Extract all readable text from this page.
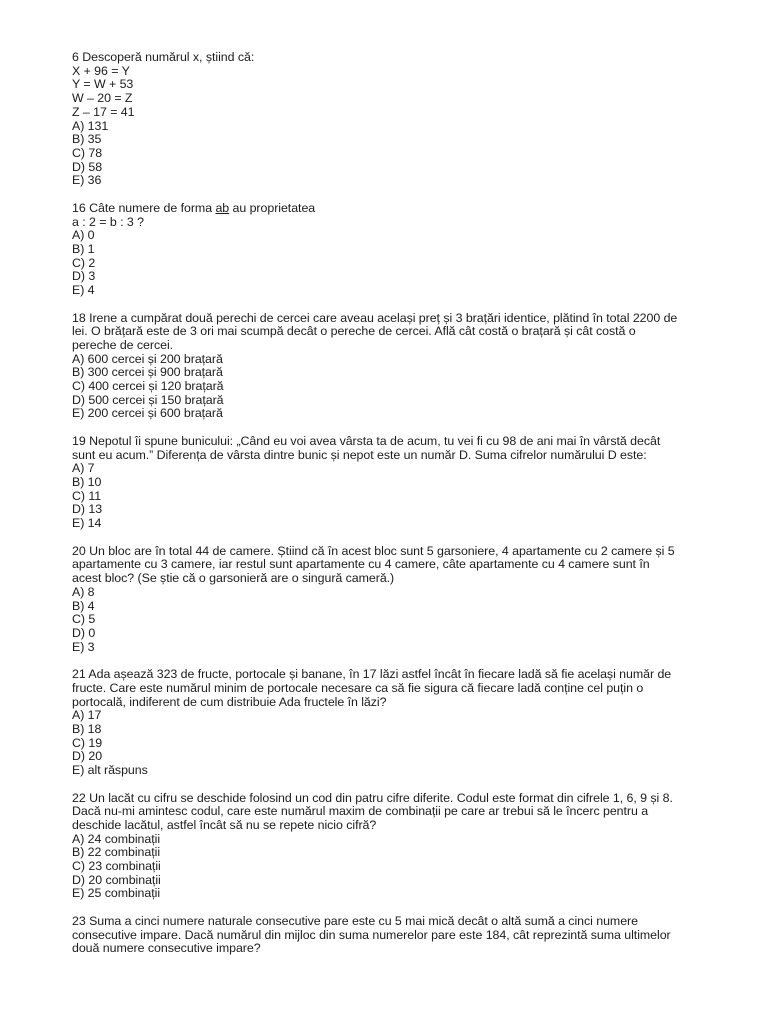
6 Descoperă numărul x, știind că:
X + 96 = Y
Y = W + 53
W – 20 = Z
Z – 17 = 41
A) 131
B) 35
C) 78
D) 58
E) 36
16 Câte numere de forma ab au proprietatea
a : 2 = b : 3 ?
A) 0
B) 1
C) 2
D) 3
E) 4
18 Irene a cumpărat două perechi de cercei care aveau același preț și 3 brațări identice, plătind în total 2200 de
lei. O brățară este de 3 ori mai scumpă decât o pereche de cercei. Află cât costă o brațară și cât costă o
pereche de cercei.
A) 600 cercei și 200 brațară
B) 300 cercei și 900 brațară
C) 400 cercei și 120 brațară
D) 500 cercei și 150 brațară
E) 200 cercei și 600 brațară
19 Nepotul îi spune bunicului: „Când eu voi avea vârsta ta de acum, tu vei fi cu 98 de ani mai în vârstă decât
sunt eu acum.” Diferența de vârsta dintre bunic și nepot este un număr D. Suma cifrelor numărului D este:
A) 7
B) 10
C) 11
D) 13
E) 14
20 Un bloc are în total 44 de camere. Știind că în acest bloc sunt 5 garsoniere, 4 apartamente cu 2 camere și 5
apartamente cu 3 camere, iar restul sunt apartamente cu 4 camere, câte apartamente cu 4 camere sunt în
acest bloc? (Se știe că o garsonieră are o singură cameră.)
A) 8
B) 4
C) 5
D) 0
E) 3
21 Ada așează 323 de fructe, portocale și banane, în 17 lăzi astfel încât în fiecare ladă să fie același număr de
fructe. Care este numărul minim de portocale necesare ca să fie sigura că fiecare ladă conține cel puțin o
portocală, indiferent de cum distribuie Ada fructele în lăzi?
A) 17
B) 18
C) 19
D) 20
E) alt răspuns
22 Un lacăt cu cifru se deschide folosind un cod din patru cifre diferite. Codul este format din cifrele 1, 6, 9 și 8.
Dacă nu-mi amintesc codul, care este numărul maxim de combinații pe care ar trebui să le încerc pentru a
deschide lacătul, astfel încât să nu se repete nicio cifră?
A) 24 combinații
B) 22 combinații
C) 23 combinații
D) 20 combinații
E) 25 combinații
23 Suma a cinci numere naturale consecutive pare este cu 5 mai mică decât o altă sumă a cinci numere
consecutive impare. Dacă numărul din mijloc din suma numerelor pare este 184, cât reprezintă suma ultimelor
două numere consecutive impare?
